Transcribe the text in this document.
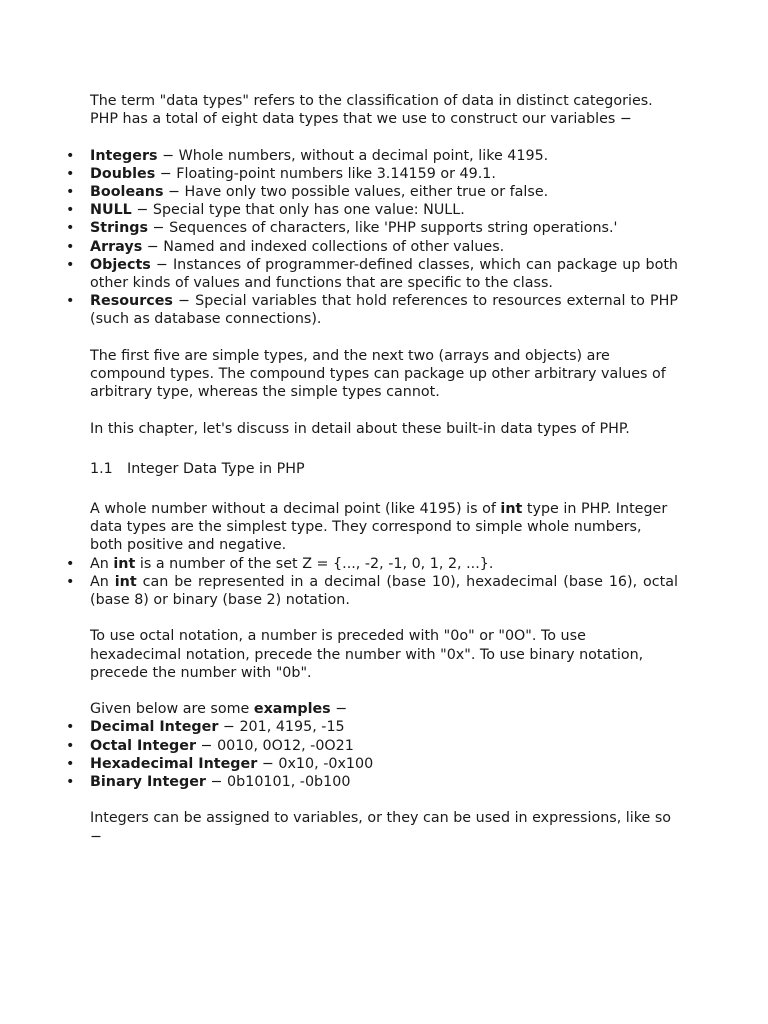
The term "data types" refers to the classification of data in distinct categories. PHP has a total of eight data types that we use to construct our variables −

• Integers − Whole numbers, without a decimal point, like 4195.
• Doubles − Floating-point numbers like 3.14159 or 49.1.
• Booleans − Have only two possible values, either true or false.
• NULL − Special type that only has one value: NULL.
• Strings − Sequences of characters, like 'PHP supports string operations.'
• Arrays − Named and indexed collections of other values.
• Objects − Instances of programmer-defined classes, which can package up both other kinds of values and functions that are specific to the class.
• Resources − Special variables that hold references to resources external to PHP (such as database connections).

The first five are simple types, and the next two (arrays and objects) are compound types. The compound types can package up other arbitrary values of arbitrary type, whereas the simple types cannot.

In this chapter, let's discuss in detail about these built-in data types of PHP.

1.1 Integer Data Type in PHP

A whole number without a decimal point (like 4195) is of int type in PHP. Integer data types are the simplest type. They correspond to simple whole numbers, both positive and negative.

• An int is a number of the set Z = {..., -2, -1, 0, 1, 2, ...}.
• An int can be represented in a decimal (base 10), hexadecimal (base 16), octal (base 8) or binary (base 2) notation.

To use octal notation, a number is preceded with "0o" or "0O". To use hexadecimal notation, precede the number with "0x". To use binary notation, precede the number with "0b".

Given below are some examples −

• Decimal Integer − 201, 4195, -15
• Octal Integer − 0010, 0O12, -0O21
• Hexadecimal Integer − 0x10, -0x100
• Binary Integer − 0b10101, -0b100

Integers can be assigned to variables, or they can be used in expressions, like so −
